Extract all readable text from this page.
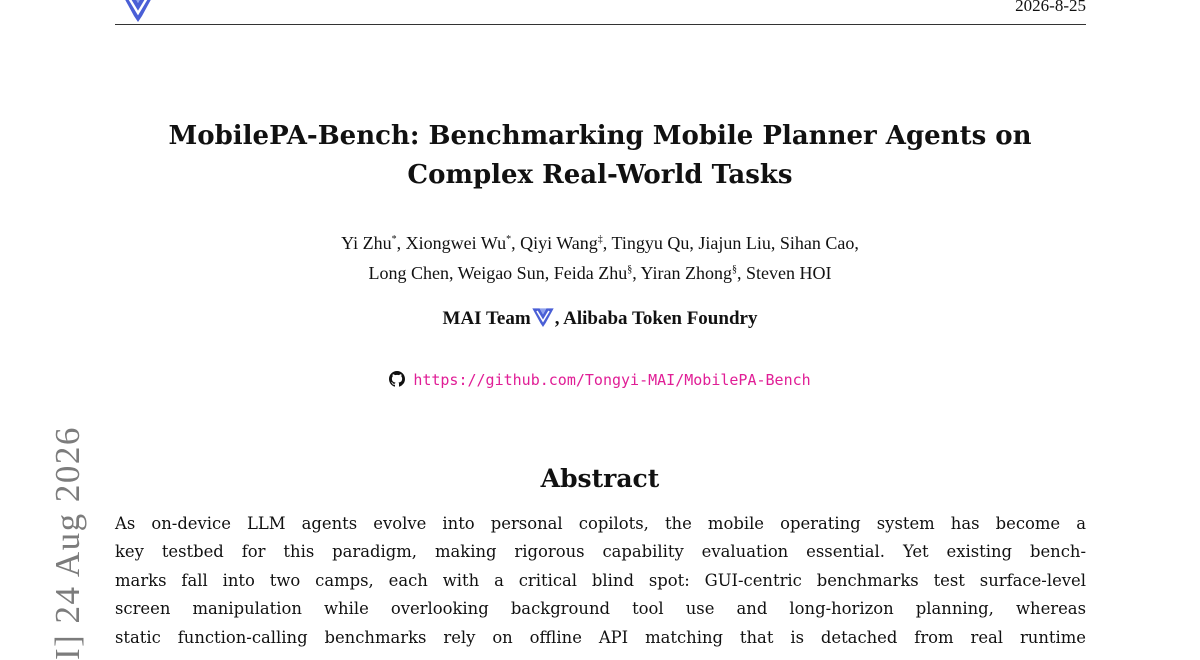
2026-8-25
I] 24 Aug 2026
MobilePA-Bench: Benchmarking Mobile Planner Agents on
Complex Real-World Tasks
Yi Zhu*, Xiongwei Wu*, Qiyi Wang‡, Tingyu Qu, Jiajun Liu, Sihan Cao,
Long Chen, Weigao Sun, Feida Zhu§, Yiran Zhong§, Steven HOI
MAI Team , Alibaba Token Foundry
https://github.com/Tongyi-MAI/MobilePA-Bench
Abstract
As on-device LLM agents evolve into personal copilots, the mobile operating system has become a
key testbed for this paradigm, making rigorous capability evaluation essential. Yet existing bench-
marks fall into two camps, each with a critical blind spot: GUI-centric benchmarks test surface-level
screen manipulation while overlooking background tool use and long-horizon planning, whereas
static function-calling benchmarks rely on offline API matching that is detached from real runtime
